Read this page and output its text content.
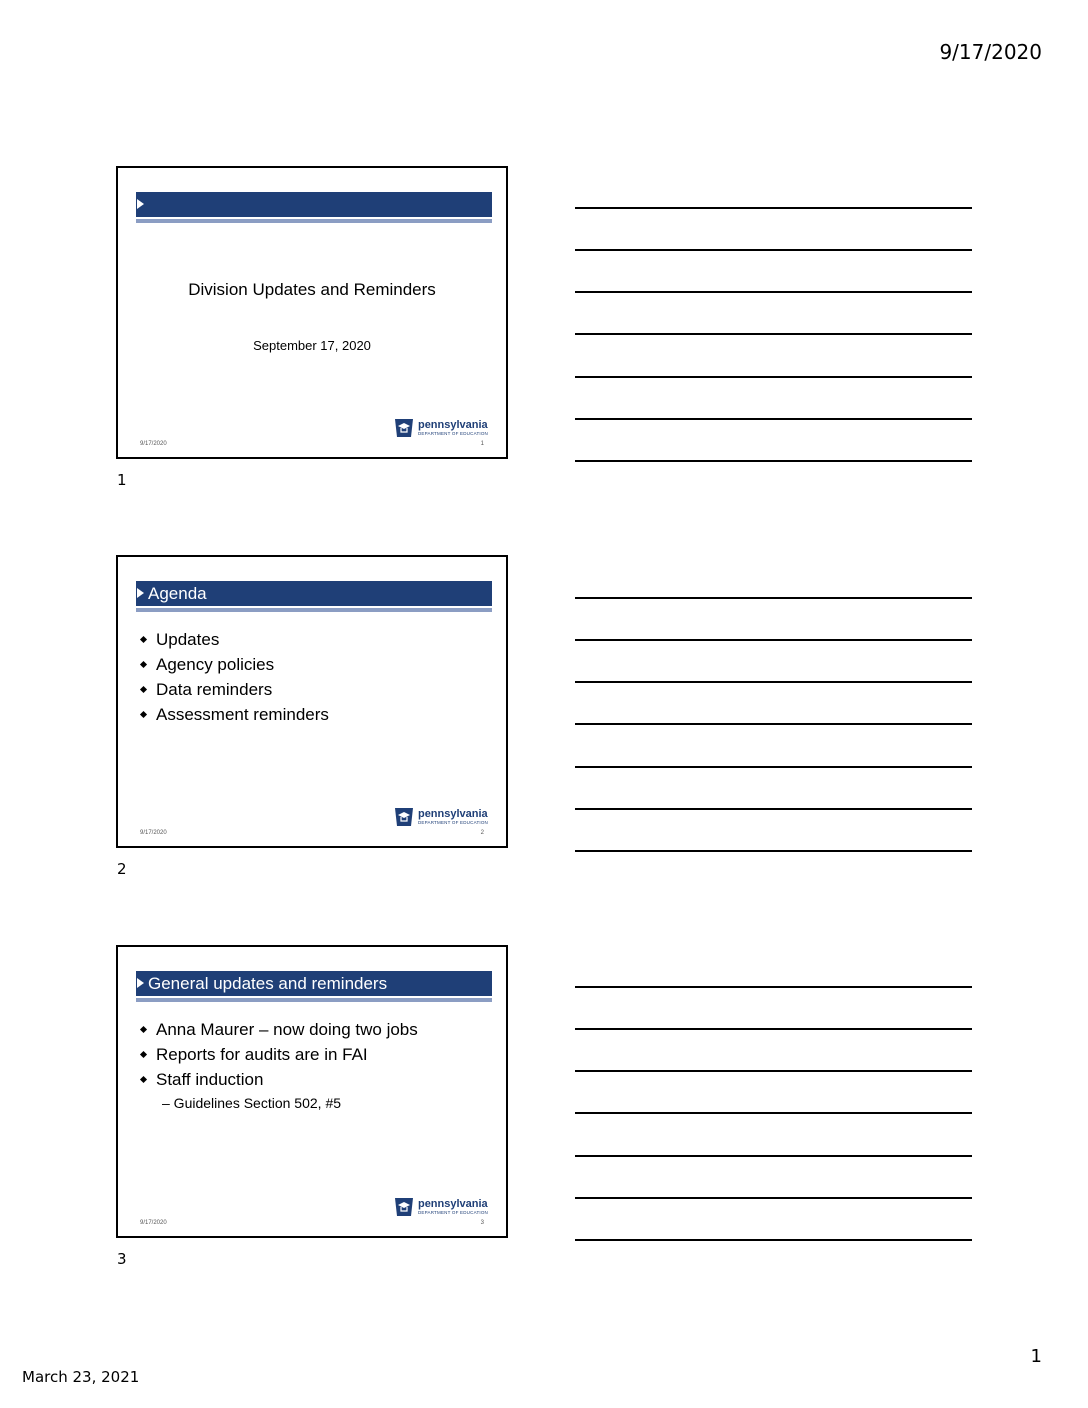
9/17/2020
Division Updates and Reminders
September 17, 2020
pennsylvania
DEPARTMENT OF EDUCATION
9/17/2020	1
1
Agenda
Updates
Agency policies
Data reminders
Assessment reminders
pennsylvania
DEPARTMENT OF EDUCATION
9/17/2020	2
2
General updates and reminders
Anna Maurer – now doing two jobs
Reports for audits are in FAI
Staff induction
– Guidelines Section 502, #5
pennsylvania
DEPARTMENT OF EDUCATION
9/17/2020	3
3
1
March 23, 2021
